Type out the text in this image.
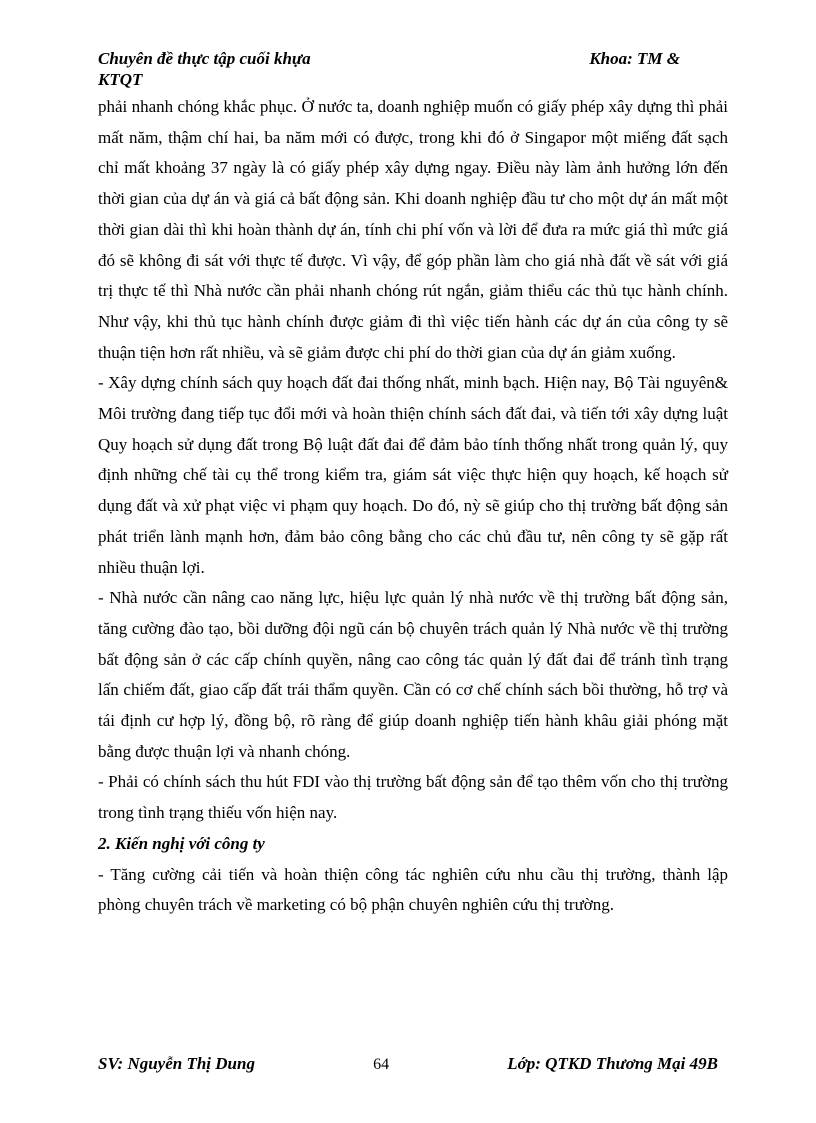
Chuyên đề thực tập cuối khựa	Khoa: TM &
KTQT

phải nhanh chóng khắc phục. Ở nước ta, doanh nghiệp muốn có giấy phép xây dựng thì phải mất năm, thậm chí hai, ba năm mới có được, trong khi đó ở Singapor một miếng đất sạch chỉ mất khoảng 37 ngày là có giấy phép xây dựng ngay. Điều này làm ảnh hưởng lớn đến thời gian của dự án và giá cả bất động sản. Khi doanh nghiệp đầu tư cho một dự án mất một thời gian dài thì khi hoàn thành dự án, tính chi phí vốn và lời để đưa ra mức giá thì mức giá đó sẽ không đi sát với thực tế được. Vì vậy, để góp phần làm cho giá nhà đất về sát với giá trị thực tế thì Nhà nước cần phải nhanh chóng rút ngắn, giảm thiểu các thủ tục hành chính. Như vậy, khi thủ tục hành chính được giảm đi thì việc tiến hành các dự án của công ty sẽ thuận tiện hơn rất nhiều, và sẽ giảm được chi phí do thời gian của dự án giảm xuống.

- Xây dựng chính sách quy hoạch đất đai thống nhất, minh bạch. Hiện nay, Bộ Tài nguyên& Môi trường đang tiếp tục đổi mới và hoàn thiện chính sách đất đai, và tiến tới xây dựng luật Quy hoạch sử dụng đất trong Bộ luật đất đai để đảm bảo tính thống nhất trong quản lý, quy định những chế tài cụ thể trong kiểm tra, giám sát việc thực hiện quy hoạch, kế hoạch sử dụng đất và xử phạt việc vi phạm quy hoạch. Do đó, nỳ sẽ giúp cho thị trường bất động sản phát triển lành mạnh hơn, đảm bảo công bằng cho các chủ đầu tư, nên công ty sẽ gặp rất nhiều thuận lợi.

- Nhà nước cần nâng cao năng lực, hiệu lực quản lý nhà nước về thị trường bất động sản, tăng cường đào tạo, bồi dưỡng đội ngũ cán bộ chuyên trách quản lý Nhà nước về thị trường bất động sản ở các cấp chính quyền, nâng cao công tác quản lý đất đai để tránh tình trạng lấn chiếm đất, giao cấp đất trái thẩm quyền. Cần có cơ chế chính sách bồi thường, hỗ trợ và tái định cư hợp lý, đồng bộ, rõ ràng để giúp doanh nghiệp tiến hành khâu giải phóng mặt bằng được thuận lợi và nhanh chóng.

- Phải có chính sách thu hút FDI vào thị trường bất động sản để tạo thêm vốn cho thị trường trong tình trạng thiếu vốn hiện nay.

2. Kiến nghị với công ty

- Tăng cường cải tiến và hoàn thiện công tác nghiên cứu nhu cầu thị trường, thành lập phòng chuyên trách về marketing có bộ phận chuyên nghiên cứu thị trường.

SV: Nguyễn Thị Dung	64	Lớp: QTKD Thương Mại 49B
